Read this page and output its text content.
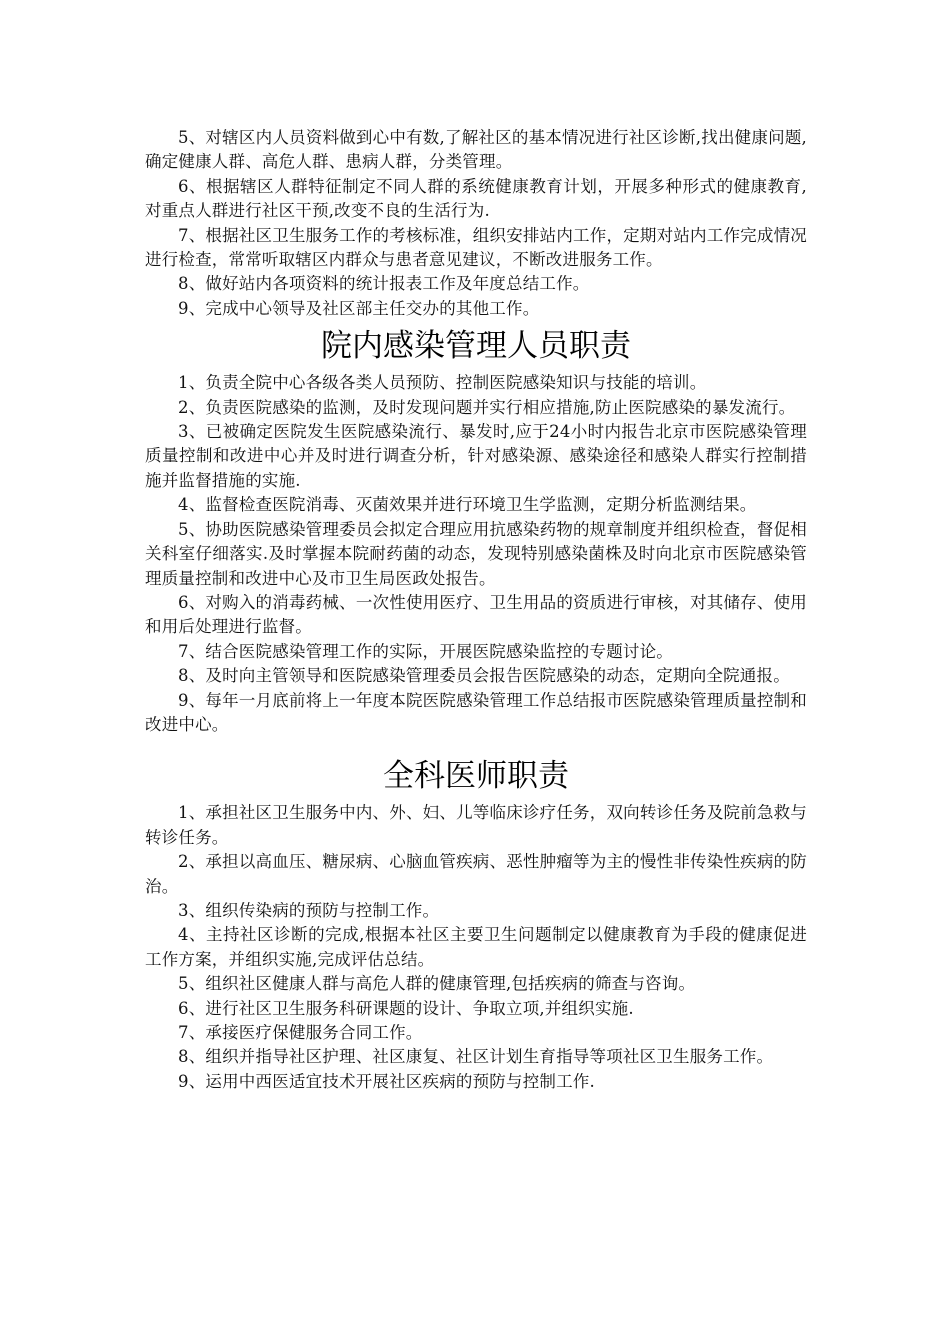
5、对辖区内人员资料做到心中有数,了解社区的基本情况进行社区诊断,找出健康问题,确定健康人群、高危人群、患病人群，分类管理。

6、根据辖区人群特征制定不同人群的系统健康教育计划，开展多种形式的健康教育,对重点人群进行社区干预,改变不良的生活行为.

7、根据社区卫生服务工作的考核标准，组织安排站内工作，定期对站内工作完成情况进行检查，常常听取辖区内群众与患者意见建议，不断改进服务工作。

8、做好站内各项资料的统计报表工作及年度总结工作。

9、完成中心领导及社区部主任交办的其他工作。

院内感染管理人员职责

1、负责全院中心各级各类人员预防、控制医院感染知识与技能的培训。

2、负责医院感染的监测，及时发现问题并实行相应措施,防止医院感染的暴发流行。

3、已被确定医院发生医院感染流行、暴发时,应于24小时内报告北京市医院感染管理质量控制和改进中心并及时进行调查分析，针对感染源、感染途径和感染人群实行控制措施并监督措施的实施.

4、监督检查医院消毒、灭菌效果并进行环境卫生学监测，定期分析监测结果。

5、协助医院感染管理委员会拟定合理应用抗感染药物的规章制度并组织检查，督促相关科室仔细落实.及时掌握本院耐药菌的动态，发现特别感染菌株及时向北京市医院感染管理质量控制和改进中心及市卫生局医政处报告。

6、对购入的消毒药械、一次性使用医疗、卫生用品的资质进行审核，对其储存、使用和用后处理进行监督。

7、结合医院感染管理工作的实际，开展医院感染监控的专题讨论。

8、及时向主管领导和医院感染管理委员会报告医院感染的动态，定期向全院通报。

9、每年一月底前将上一年度本院医院感染管理工作总结报市医院感染管理质量控制和改进中心。

全科医师职责

1、承担社区卫生服务中内、外、妇、儿等临床诊疗任务，双向转诊任务及院前急救与转诊任务。

2、承担以高血压、糖尿病、心脑血管疾病、恶性肿瘤等为主的慢性非传染性疾病的防治。

3、组织传染病的预防与控制工作。

4、主持社区诊断的完成,根据本社区主要卫生问题制定以健康教育为手段的健康促进工作方案，并组织实施,完成评估总结。

5、组织社区健康人群与高危人群的健康管理,包括疾病的筛查与咨询。

6、进行社区卫生服务科研课题的设计、争取立项,并组织实施.

7、承接医疗保健服务合同工作。

8、组织并指导社区护理、社区康复、社区计划生育指导等项社区卫生服务工作。

9、运用中西医适宜技术开展社区疾病的预防与控制工作.
